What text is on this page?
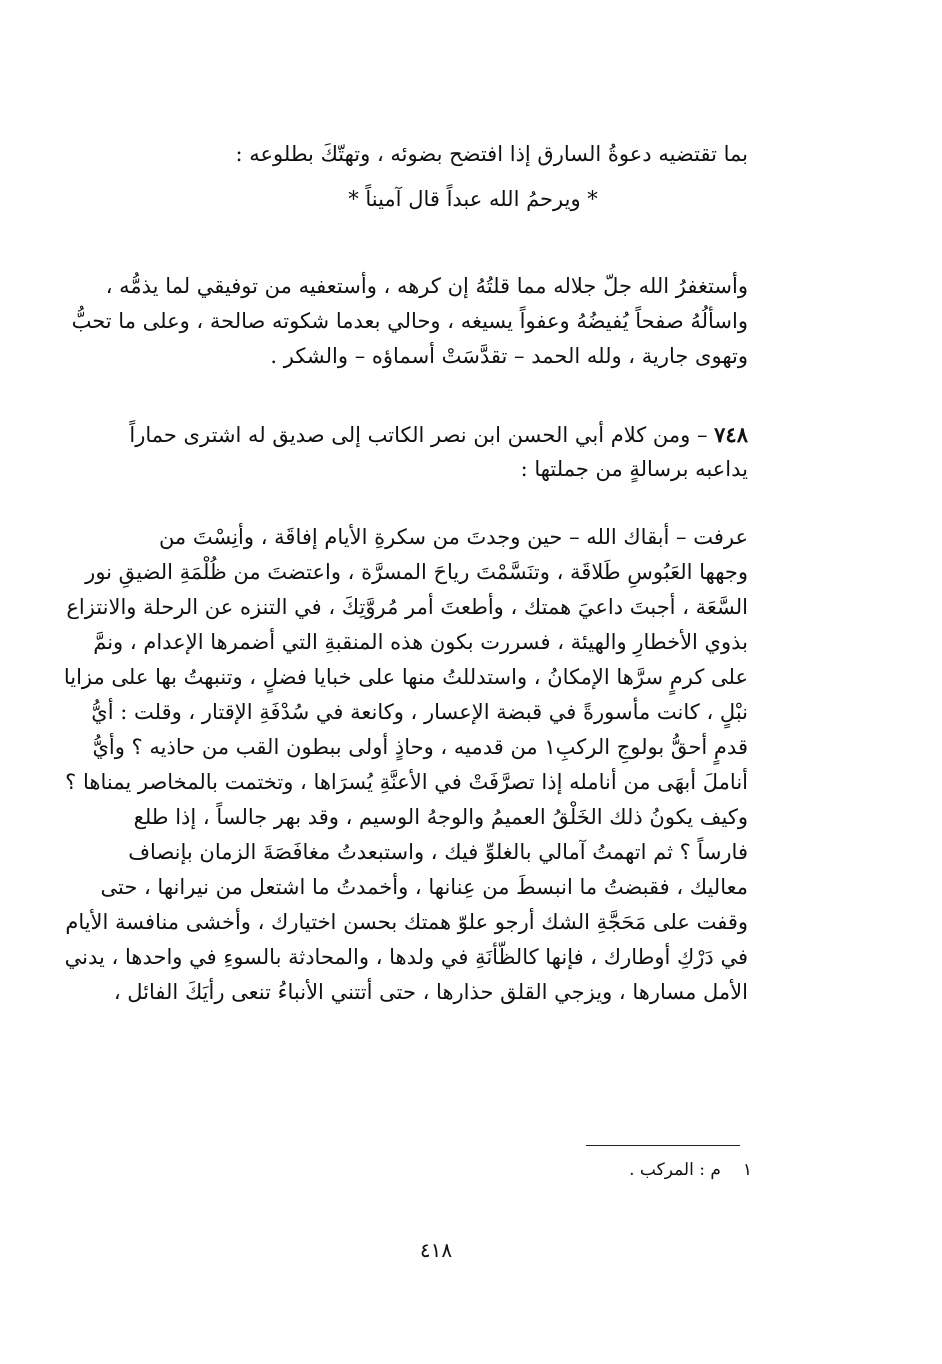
بما تقتضيه دعوةُ السارق إذا افتضح بضوئه ، وتهتّكَ بطلوعه :
* ويرحمُ الله عبداً قال آميناً *
وأستغفرُ الله جلّ جلاله مما قلتُهُ إن كرهه ، وأستعفيه من توفيقي لما يذمُّه ،
واسألُهُ صفحاً يُفيضُهُ وعفواً يسيغه ، وحالي بعدما شكوته صالحة ، وعلى ما تحبُّ
وتهوى جارية ، ولله الحمد – تقدَّسَتْ أسماؤه – والشكر .
٧٤٨ – ومن كلام أبي الحسن ابن نصر الكاتب إلى صديق له اشترى حماراً
يداعبه برسالةٍ من جملتها :
عرفت – أبقاك الله – حين وجدتَ من سكرةِ الأيام إفاقَة ، وأنِسْتَ من
وجهها العَبُوسِ طَلاقَة ، وتنَسَّمْتَ رياحَ المسرَّة ، واعتضتَ من ظُلْمَةِ الضيقِ نور
السَّعَة ، أجبتَ داعيَ همتك ، وأطعتَ أمر مُروَّتِكَ ، في التنزه عن الرحلة والانتزاع
بذوي الأخطارِ والهيئة ، فسررت بكون هذه المنقبةِ التي أضمرها الإعدام ، ونمَّ
على كرمٍ سرَّها الإمكانُ ، واستدللتُ منها على خبايا فضلٍ ، وتنبهتُ بها على مزايا
نبْلٍ ، كانت مأسورةً في قبضة الإعسار ، وكانعة في سُدْفَةِ الإقتار ، وقلت : أيُّ
قدمٍ أحقُّ بولوجِ الركبِ١ من قدميه ، وحاذٍ أولى ببطون القب من حاذيه ؟ وأيُّ
أناملَ أبهَى من أنامله إذا تصرَّفَتْ في الأعنَّةِ يُسرَاها ، وتختمت بالمخاصر يمناها ؟
وكيف يكونُ ذلك الخَلْقُ العميمُ والوجهُ الوسيم ، وقد بهر جالساً ، إذا طلع
فارساً ؟ ثم اتهمتُ آمالي بالغلوِّ فيك ، واستبعدتُ مغافَصَةَ الزمان بإنصاف
معاليك ، فقبضتُ ما انبسطَ من عِنانها ، وأخمدتُ ما اشتعل من نيرانها ، حتى
وقفت على مَحَجَّةِ الشك أرجو علوّ همتك بحسن اختيارك ، وأخشى منافسة الأيام
في دَرْكِ أوطارك ، فإنها كالظّأنَةِ في ولدها ، والمحادثة بالسوءِ في واحدها ، يدني
الأمل مسارها ، ويزجي القلق حذارها ، حتى أتتني الأنباءُ تنعى رأيَكَ الفائل ،
١م : المركب .
٤١٨
